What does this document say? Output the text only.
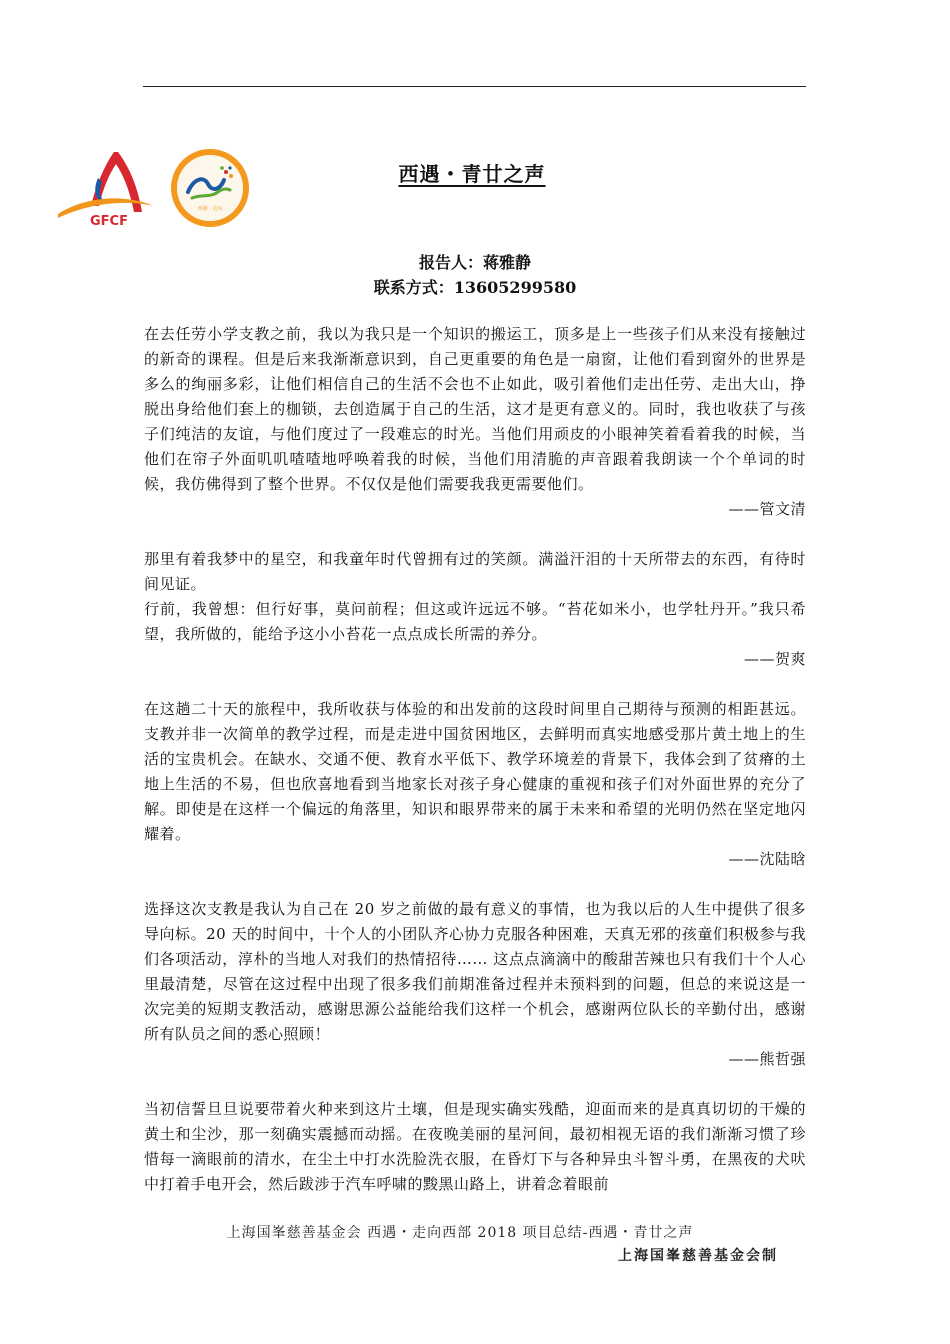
GFCF
西遇 · 走向
西遇・青廿之声
报告人：蒋雅静
联系方式：13605299580

在去任劳小学支教之前，我以为我只是一个知识的搬运工，顶多是上一些孩子们从来没有接触过的新奇的课程。但是后来我渐渐意识到，自己更重要的角色是一扇窗，让他们看到窗外的世界是多么的绚丽多彩，让他们相信自己的生活不会也不止如此，吸引着他们走出任劳、走出大山，挣脱出身给他们套上的枷锁，去创造属于自己的生活，这才是更有意义的。同时，我也收获了与孩子们纯洁的友谊，与他们度过了一段难忘的时光。当他们用顽皮的小眼神笑着看着我的时候，当他们在帘子外面叽叽喳喳地呼唤着我的时候，当他们用清脆的声音跟着我朗读一个个单词的时候，我仿佛得到了整个世界。不仅仅是他们需要我我更需要他们。

——管文清

那里有着我梦中的星空，和我童年时代曾拥有过的笑颜。满溢汗泪的十天所带去的东西，有待时间见证。

行前，我曾想：但行好事，莫问前程；但这或许远远不够。“苔花如米小，也学牡丹开。”我只希望，我所做的，能给予这小小苔花一点点成长所需的养分。

——贺爽

在这趟二十天的旅程中，我所收获与体验的和出发前的这段时间里自己期待与预测的相距甚远。支教并非一次简单的教学过程，而是走进中国贫困地区，去鲜明而真实地感受那片黄土地上的生活的宝贵机会。在缺水、交通不便、教育水平低下、教学环境差的背景下，我体会到了贫瘠的土地上生活的不易，但也欣喜地看到当地家长对孩子身心健康的重视和孩子们对外面世界的充分了解。即使是在这样一个偏远的角落里，知识和眼界带来的属于未来和希望的光明仍然在坚定地闪耀着。

——沈陆晗

选择这次支教是我认为自己在 20 岁之前做的最有意义的事情，也为我以后的人生中提供了很多导向标。20 天的时间中，十个人的小团队齐心协力克服各种困难，天真无邪的孩童们积极参与我们各项活动，淳朴的当地人对我们的热情招待…… 这点点滴滴中的酸甜苦辣也只有我们十个人心里最清楚，尽管在这过程中出现了很多我们前期准备过程并未预料到的问题，但总的来说这是一次完美的短期支教活动，感谢思源公益能给我们这样一个机会，感谢两位队长的辛勤付出，感谢所有队员之间的悉心照顾！

——熊哲强

当初信誓旦旦说要带着火种来到这片土壤，但是现实确实残酷，迎面而来的是真真切切的干燥的黄土和尘沙，那一刻确实震撼而动摇。在夜晚美丽的星河间，最初相视无语的我们渐渐习惯了珍惜每一滴眼前的清水，在尘土中打水洗脸洗衣服，在昏灯下与各种异虫斗智斗勇，在黑夜的犬吠中打着手电开会，然后跋涉于汽车呼啸的黢黑山路上，讲着念着眼前

上海国峯慈善基金会 西遇・走向西部 2018 项目总结-西遇・青廿之声
上海国峯慈善基金会制
